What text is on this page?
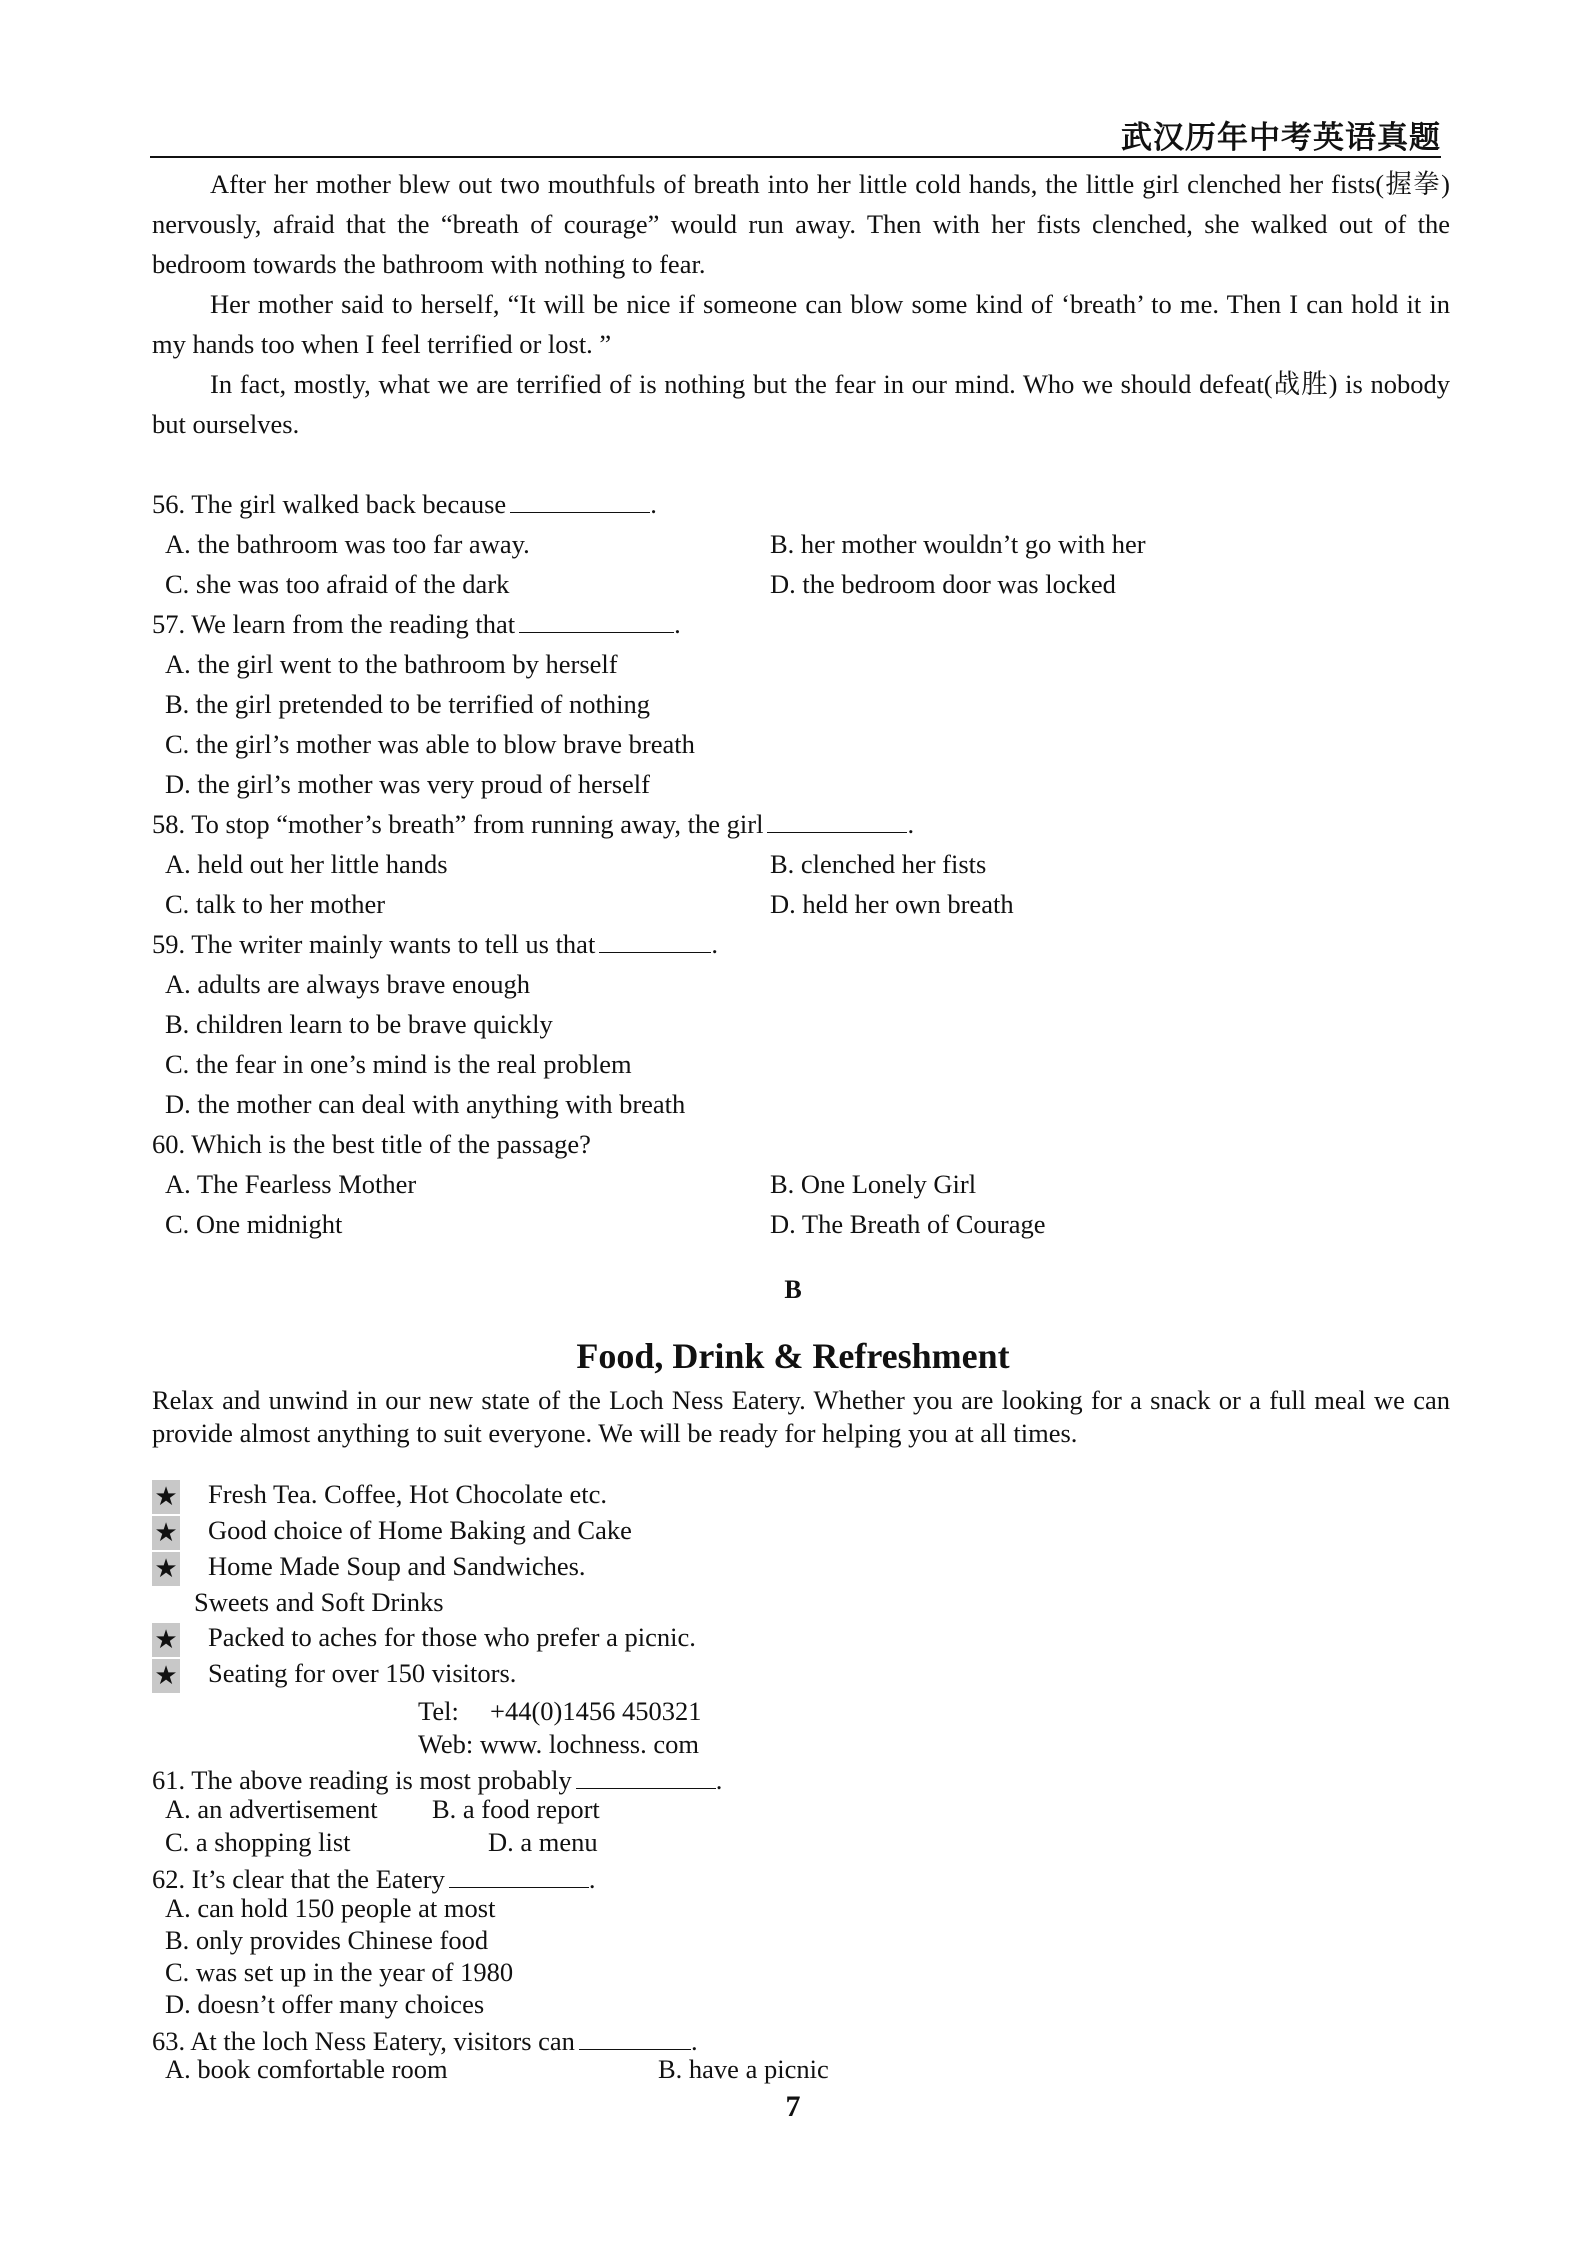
武汉历年中考英语真题

After her mother blew out two mouthfuls of breath into her little cold hands, the little girl clenched her fists(握拳) nervously, afraid that the “breath of courage” would run away. Then with her fists clenched, she walked out of the bedroom towards the bathroom with nothing to fear.

Her mother said to herself, “It will be nice if someone can blow some kind of ‘breath’ to me. Then I can hold it in my hands too when I feel terrified or lost. ”

In fact, mostly, what we are terrified of is nothing but the fear in our mind. Who we should defeat(战胜) is nobody but ourselves.

56. The girl walked back because	.
A. the bathroom was too far away.	B. her mother wouldn’t go with her
C. she was too afraid of the dark	D. the bedroom door was locked
57. We learn from the reading that	.
A. the girl went to the bathroom by herself
B. the girl pretended to be terrified of nothing
C. the girl’s mother was able to blow brave breath
D. the girl’s mother was very proud of herself
58. To stop “mother’s breath” from running away, the girl	.
A. held out her little hands	B. clenched her fists
C. talk to her mother	D. held her own breath
59. The writer mainly wants to tell us that	.
A. adults are always brave enough
B. children learn to be brave quickly
C. the fear in one’s mind is the real problem
D. the mother can deal with anything with breath
60. Which is the best title of the passage?
A. The Fearless Mother	B. One Lonely Girl
C. One midnight	D. The Breath of Courage
B
Food, Drink & Refreshment
Relax and unwind in our new state of the Loch Ness Eatery. Whether you are looking for a snack or a full meal we can provide almost anything to suit everyone. We will be ready for helping you at all times.
★ Fresh Tea. Coffee, Hot Chocolate etc.
★ Good choice of Home Baking and Cake
★ Home Made Soup and Sandwiches.
Sweets and Soft Drinks
★ Packed to aches for those who prefer a picnic.
★ Seating for over 150 visitors.
Tel: +44(0)1456 450321
Web: www. lochness. com
61. The above reading is most probably	.
A. an advertisement B. a food report
C. a shopping list	D. a menu
62. It’s clear that the Eatery	.
A. can hold 150 people at most
B. only provides Chinese food
C. was set up in the year of 1980
D. doesn’t offer many choices
63. At the loch Ness Eatery, visitors can	.
A. book comfortable room	B. have a picnic
7
